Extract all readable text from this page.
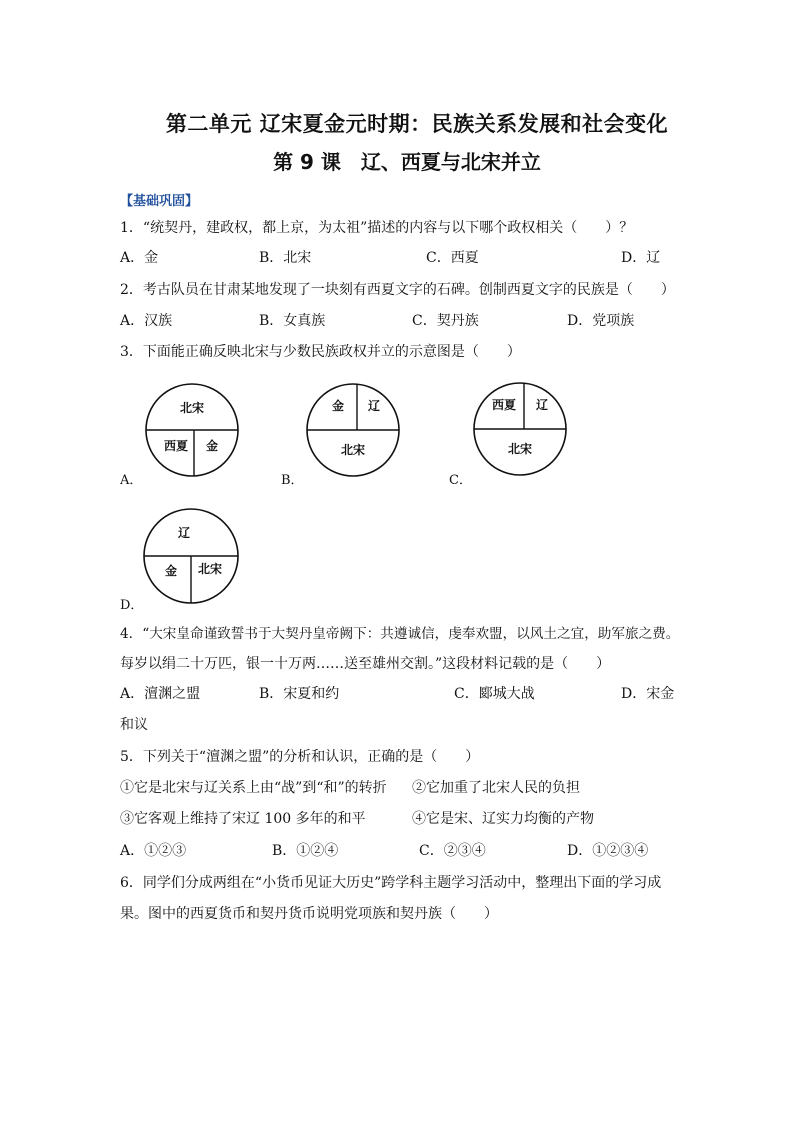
第二单元 辽宋夏金元时期：民族关系发展和社会变化
第 9 课　辽、西夏与北宋并立
【基础巩固】
1．“统契丹，建政权，都上京，为太祖”描述的内容与以下哪个政权相关（　　）？
A．金	B．北宋	C．西夏	D．辽
2．考古队员在甘肃某地发现了一块刻有西夏文字的石碑。创制西夏文字的民族是（　　）
A．汉族	B．女真族	C．契丹族	D．党项族
3．下面能正确反映北宋与少数民族政权并立的示意图是（　　）
A．
北宋
西夏 金
B．
金 辽
北宋
C．
西夏 辽
北宋
D．
辽
金 北宋
4．“大宋皇命谨致誓书于大契丹皇帝阙下：共遵诚信，虔奉欢盟，以风土之宜，助军旅之费。
每岁以绢二十万匹，银一十万两……送至雄州交割。”这段材料记载的是（　　）
A．澶渊之盟	B．宋夏和约	C．郾城大战	D．宋金
和议
5．下列关于“澶渊之盟”的分析和认识，正确的是（　　）
①它是北宋与辽关系上由“战”到“和”的转折 ②它加重了北宋人民的负担
③它客观上维持了宋辽 100 多年的和平	④它是宋、辽实力均衡的产物
A．①②③	B．①②④	C．②③④	D．①②③④
6．同学们分成两组在“小货币见证大历史”跨学科主题学习活动中，整理出下面的学习成
果。图中的西夏货币和契丹货币说明党项族和契丹族（　　）
